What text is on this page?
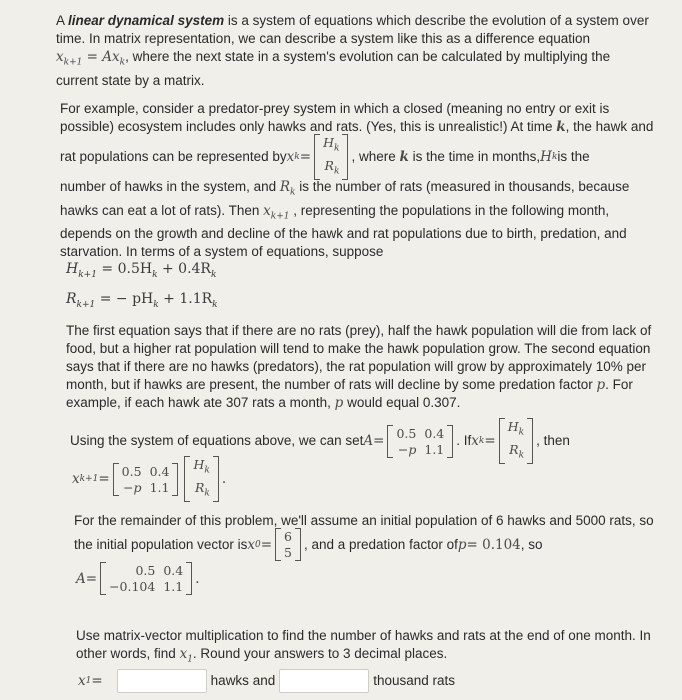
A linear dynamical system is a system of equations which describe the evolution of a system over
time. In matrix representation, we can describe a system like this as a difference equation
$x_{k+1} = Ax_k$, where the next state in a system's evolution can be calculated by multiplying the
current state by a matrix.
For example, consider a predator-prey system in which a closed (meaning no entry or exit is
possible) ecosystem includes only hawks and rats. (Yes, this is unrealistic!) At time k, the hawk and
rat populations can be represented by x k =
$H_k$
$R_k$
, where
k
is the time in months, H k is the
number of hawks in the system, and $R_k$ is the number of rats (measured in thousands, because
hawks can eat a lot of rats). Then $x_{k+1}$ , representing the populations in the following month,
depends on the growth and decline of the hawk and rat populations due to birth, predation, and
starvation. In terms of a system of equations, suppose
$H_{k+1} = 0.5H_k + 0.4R_k$
$R_{k+1}$ = − $pH_k + 1.1R_k$
The first equation says that if there are no rats (prey), half the hawk population will die from lack of
food, but a higher rat population will tend to make the hawk population grow. The second equation
says that if there are no hawks (predators), the rat population will grow by approximately 10% per
month, but if hawks are present, the number of rats will decline by some predation factor p. For
example, if each hawk ate 307 rats a month, p would equal 0.307.
Using the system of equations above, we can set A = 0.5 0.4
−p 1.1
. If x k =
$H_k$
$R_k$
, then
x k+1 = 0.5 0.4
−p 1.1
$H_k$
$R_k$
.
For the remainder of this problem, we'll assume an initial population of 6 hawks and 5000 rats, so
the initial population vector is x 0 = 6
5
, and a predation factor of p = 0.104 , so
A =	0.5 0.4
−0.104 1.1 .
Use matrix-vector multiplication to find the number of hawks and rats at the end of one month. In
other words, find $x_1$. Round your answers to 3 decimal places.
x 1 =	hawks and	thousand rats
